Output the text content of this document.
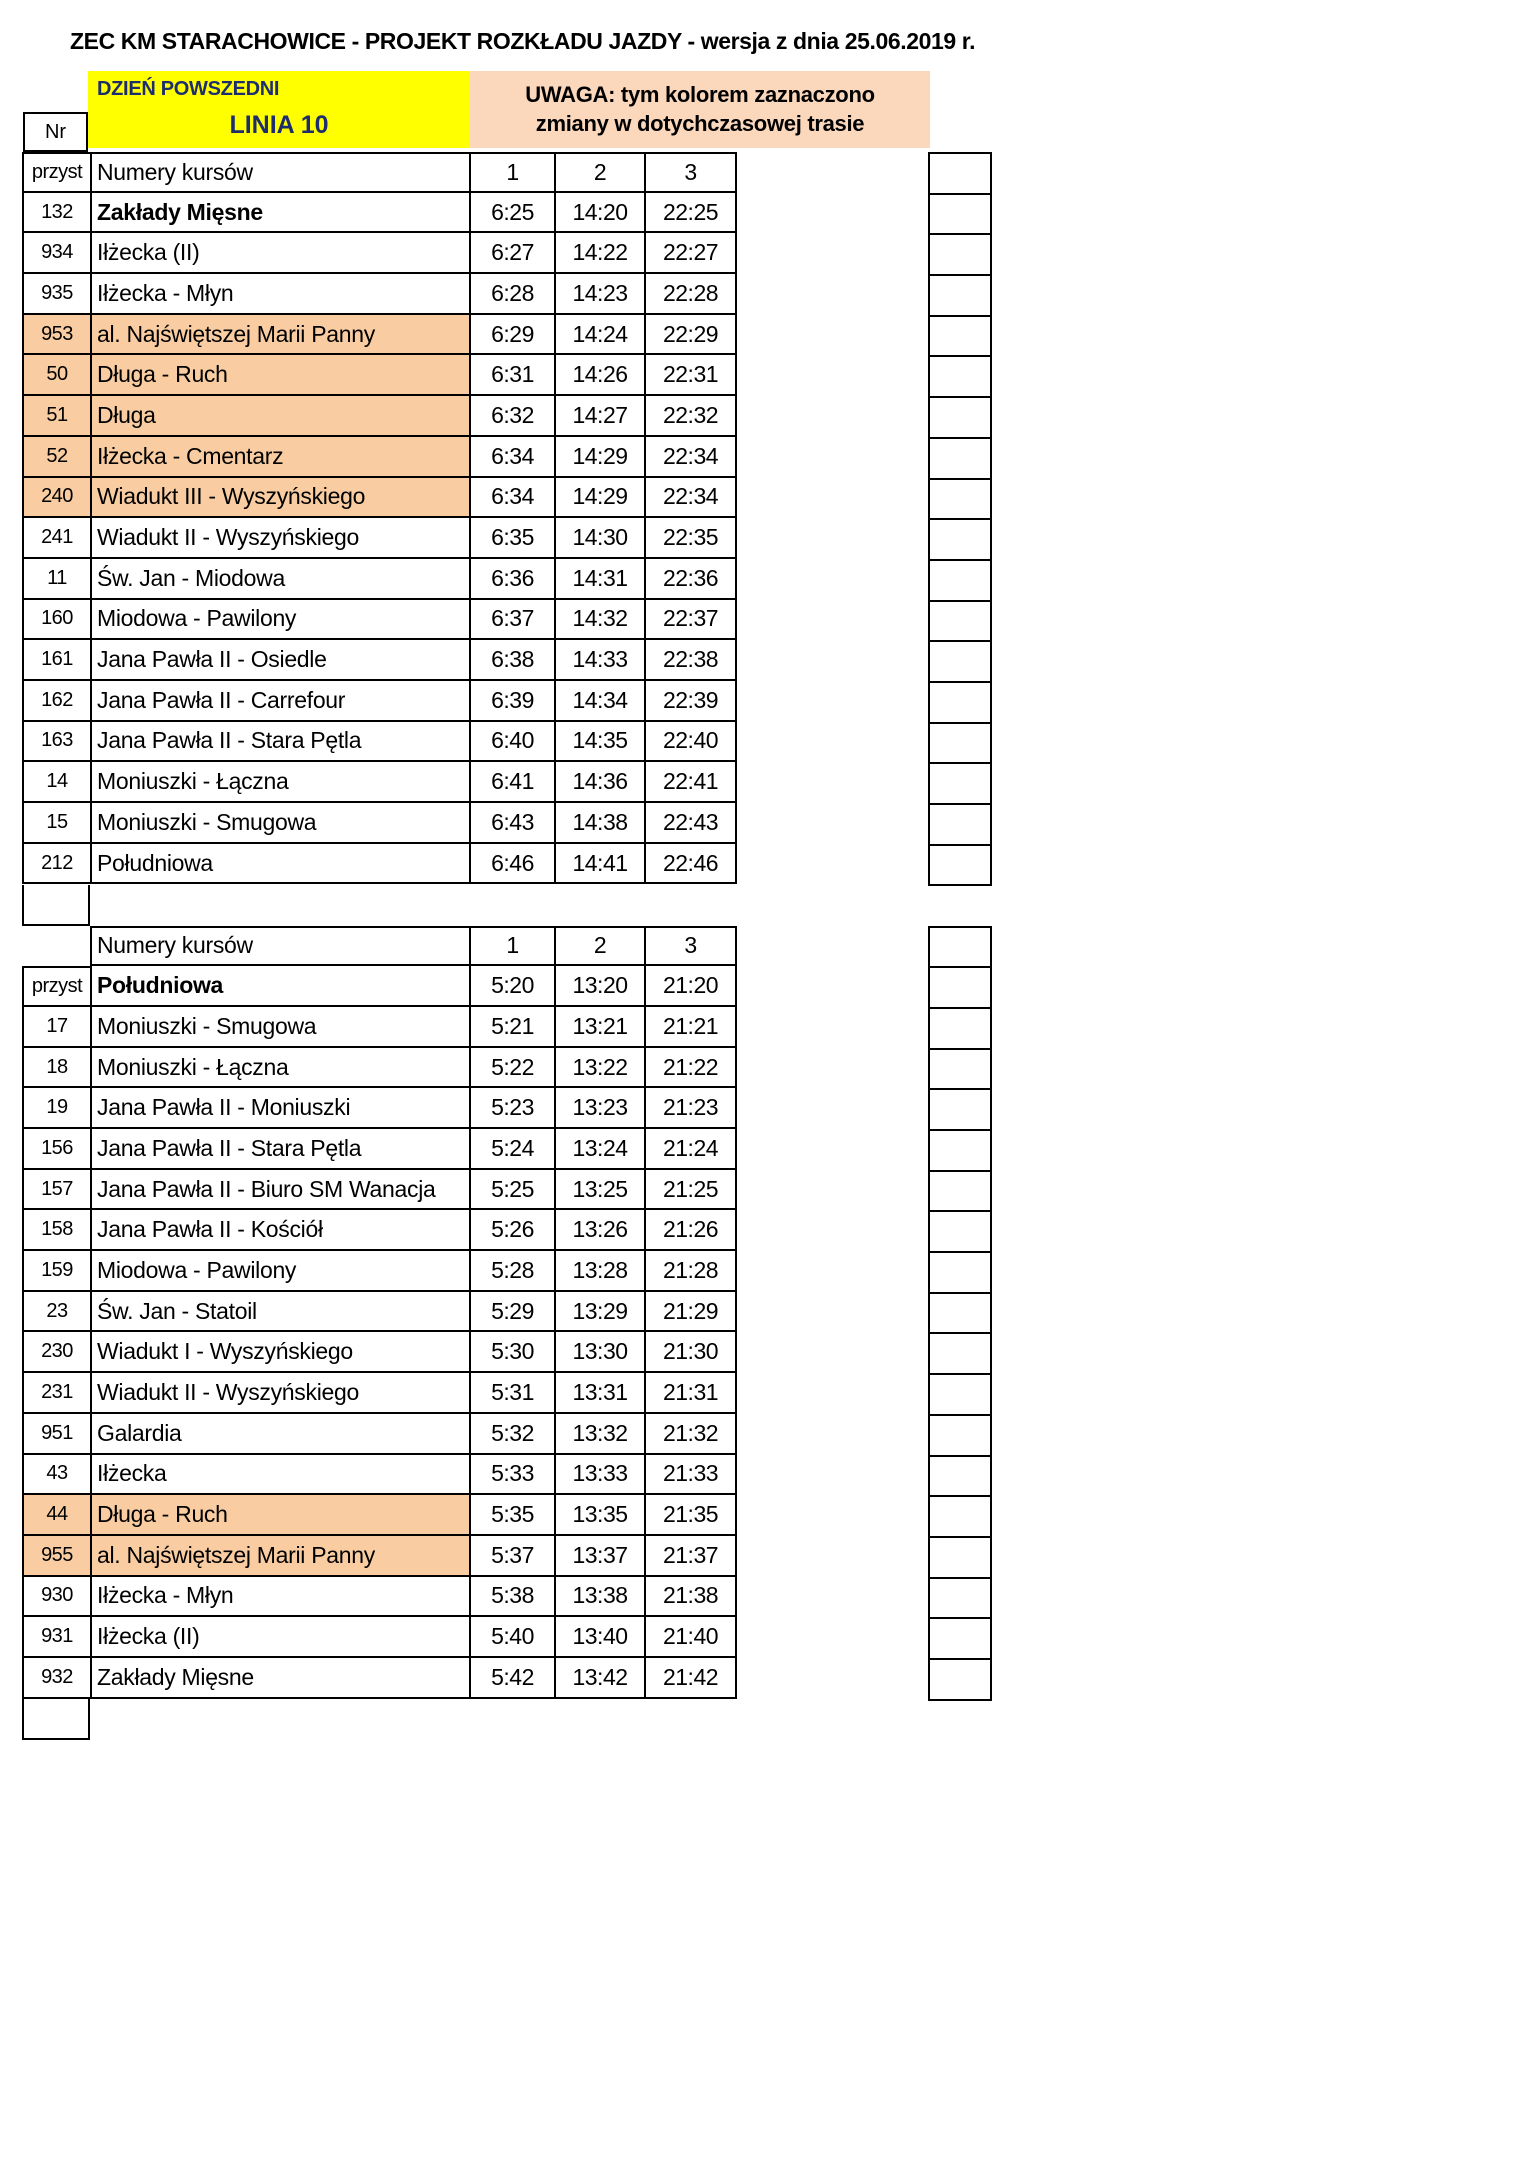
ZEC KM STARACHOWICE - PROJEKT ROZKŁADU JAZDY - wersja z dnia 25.06.2019 r.
DZIEŃ POWSZEDNI
LINIA 10
UWAGA: tym kolorem zaznaczono
zmiany w dotychczasowej trasie
Nr
przyst Numery kursów	1	2	3
132	Zakłady Mięsne	6:25	14:20	22:25
934	Iłżecka (II)	6:27	14:22	22:27
935	Iłżecka - Młyn	6:28	14:23	22:28
953	al. Najświętszej Marii Panny	6:29	14:24	22:29
50	Długa - Ruch	6:31	14:26	22:31
51	Długa	6:32	14:27	22:32
52	Iłżecka - Cmentarz	6:34	14:29	22:34
240	Wiadukt III - Wyszyńskiego	6:34	14:29	22:34
241	Wiadukt II - Wyszyńskiego	6:35	14:30	22:35
11	Św. Jan - Miodowa	6:36	14:31	22:36
160	Miodowa - Pawilony	6:37	14:32	22:37
161	Jana Pawła II - Osiedle	6:38	14:33	22:38
162	Jana Pawła II - Carrefour	6:39	14:34	22:39
163	Jana Pawła II - Stara Pętla	6:40	14:35	22:40
14	Moniuszki - Łączna	6:41	14:36	22:41
15	Moniuszki - Smugowa	6:43	14:38	22:43
212	Południowa	6:46	14:41	22:46
Numery kursów	1	2	3
przyst Południowa	5:20	13:20	21:20
17	Moniuszki - Smugowa	5:21	13:21	21:21
18	Moniuszki - Łączna	5:22	13:22	21:22
19	Jana Pawła II - Moniuszki	5:23	13:23	21:23
156	Jana Pawła II - Stara Pętla	5:24	13:24	21:24
157	Jana Pawła II - Biuro SM Wanacja	5:25	13:25	21:25
158	Jana Pawła II - Kościół	5:26	13:26	21:26
159	Miodowa - Pawilony	5:28	13:28	21:28
23	Św. Jan - Statoil	5:29	13:29	21:29
230	Wiadukt I - Wyszyńskiego	5:30	13:30	21:30
231	Wiadukt II - Wyszyńskiego	5:31	13:31	21:31
951	Galardia	5:32	13:32	21:32
43	Iłżecka	5:33	13:33	21:33
44	Długa - Ruch	5:35	13:35	21:35
955	al. Najświętszej Marii Panny	5:37	13:37	21:37
930	Iłżecka - Młyn	5:38	13:38	21:38
931	Iłżecka (II)	5:40	13:40	21:40
932	Zakłady Mięsne	5:42	13:42	21:42
